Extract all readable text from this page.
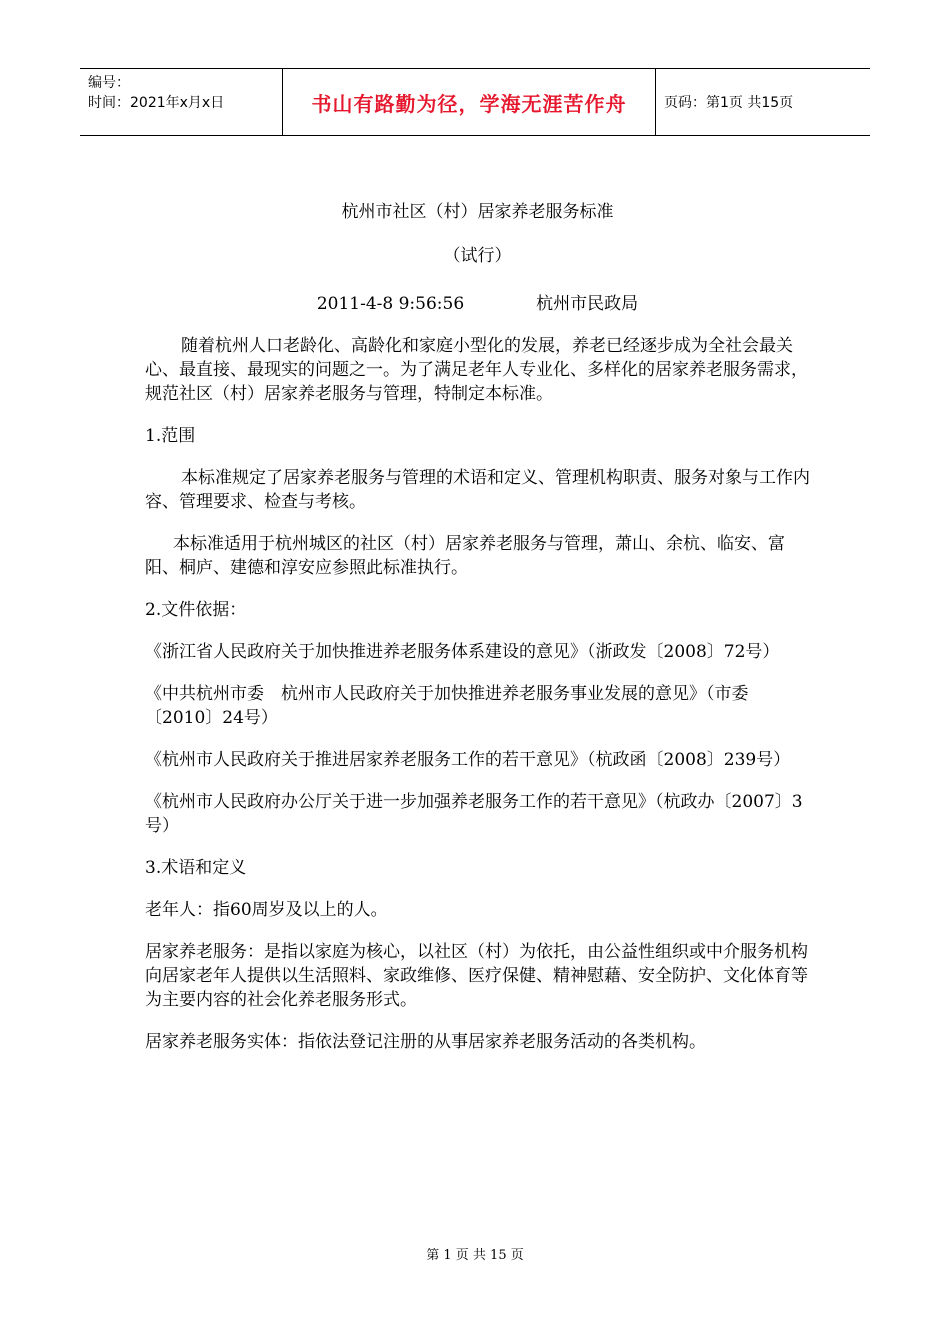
编号：
时间：2021年x月x日	书山有路勤为径，学海无涯苦作舟	页码：第1页 共15页
杭州市社区（村）居家养老服务标准
（试行）
2011-4-8 9:56:56	杭州市民政局

随着杭州人口老龄化、高龄化和家庭小型化的发展，养老已经逐步成为全社会最关心、最直接、最现实的问题之一。为了满足老年人专业化、多样化的居家养老服务需求，规范社区（村）居家养老服务与管理，特制定本标准。

1.范围

本标准规定了居家养老服务与管理的术语和定义、管理机构职责、服务对象与工作内容、管理要求、检查与考核。

本标准适用于杭州城区的社区（村）居家养老服务与管理，萧山、余杭、临安、富阳、桐庐、建德和淳安应参照此标准执行。

2.文件依据：

《浙江省人民政府关于加快推进养老服务体系建设的意见》（浙政发〔2008〕72号）

《中共杭州市委　杭州市人民政府关于加快推进养老服务事业发展的意见》（市委〔2010〕24号）

《杭州市人民政府关于推进居家养老服务工作的若干意见》（杭政函〔2008〕239号）

《杭州市人民政府办公厅关于进一步加强养老服务工作的若干意见》（杭政办〔2007〕3号）

3.术语和定义

老年人：指60周岁及以上的人。

居家养老服务：是指以家庭为核心，以社区（村）为依托，由公益性组织或中介服务机构向居家老年人提供以生活照料、家政维修、医疗保健、精神慰藉、安全防护、文化体育等为主要内容的社会化养老服务形式。

居家养老服务实体：指依法登记注册的从事居家养老服务活动的各类机构。

第 1 页 共 15 页
